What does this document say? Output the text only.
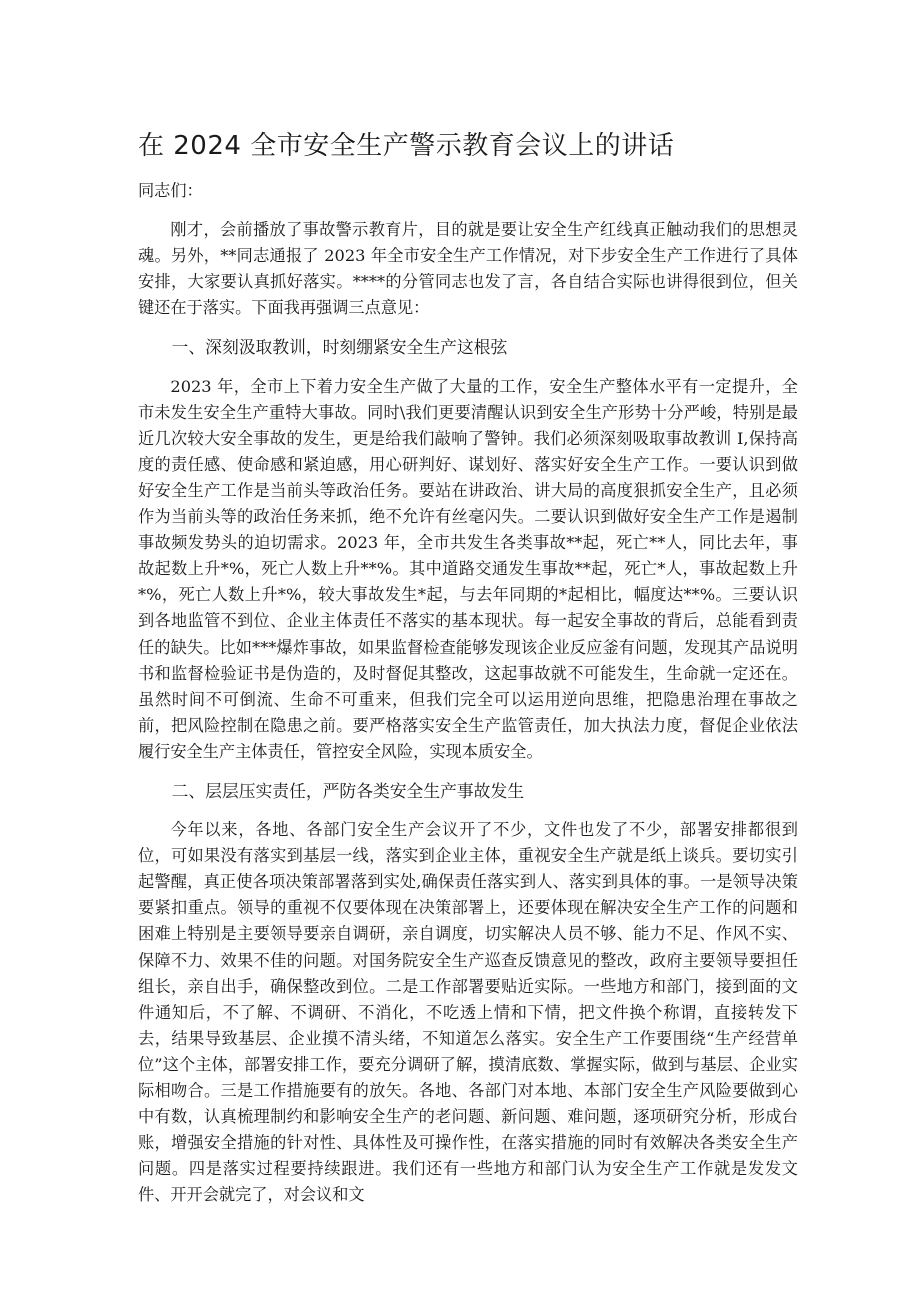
在 2024 全市安全生产警示教育会议上的讲话

同志们：

刚才，会前播放了事故警示教育片，目的就是要让安全生产红线真正触动我们的思想灵魂。另外，**同志通报了 2023 年全市安全生产工作情况，对下步安全生产工作进行了具体安排，大家要认真抓好落实。****的分管同志也发了言，各自结合实际也讲得很到位，但关键还在于落实。下面我再强调三点意见：

一、深刻汲取教训，时刻绷紧安全生产这根弦

2023 年，全市上下着力安全生产做了大量的工作，安全生产整体水平有一定提升，全市未发生安全生产重特大事故。同时\我们更要清醒认识到安全生产形势十分严峻，特别是最近几次较大安全事故的发生，更是给我们敲响了警钟。我们必须深刻吸取事故教训 I,保持高度的责任感、使命感和紧迫感，用心研判好、谋划好、落实好安全生产工作。一要认识到做好安全生产工作是当前头等政治任务。要站在讲政治、讲大局的高度狠抓安全生产，且必须作为当前头等的政治任务来抓，绝不允许有丝毫闪失。二要认识到做好安全生产工作是遏制事故频发势头的迫切需求。2023 年，全市共发生各类事故**起，死亡**人，同比去年，事故起数上升*%，死亡人数上升**%。其中道路交通发生事故**起，死亡*人，事故起数上升*%，死亡人数上升*%，较大事故发生*起，与去年同期的*起相比，幅度达**%。三要认识到各地监管不到位、企业主体责任不落实的基本现状。每一起安全事故的背后，总能看到责任的缺失。比如***爆炸事故，如果监督检查能够发现该企业反应釜有问题，发现其产品说明书和监督检验证书是伪造的，及时督促其整改，这起事故就不可能发生，生命就一定还在。虽然时间不可倒流、生命不可重来，但我们完全可以运用逆向思维，把隐患治理在事故之前，把风险控制在隐患之前。要严格落实安全生产监管责任，加大执法力度，督促企业依法履行安全生产主体责任，管控安全风险，实现本质安全。

二、层层压实责任，严防各类安全生产事故发生

今年以来，各地、各部门安全生产会议开了不少，文件也发了不少，部署安排都很到位，可如果没有落实到基层一线，落实到企业主体，重视安全生产就是纸上谈兵。要切实引起警醒，真正使各项决策部署落到实处,确保责任落实到人、落实到具体的事。一是领导决策要紧扣重点。领导的重视不仅要体现在决策部署上，还要体现在解决安全生产工作的问题和困难上特别是主要领导要亲自调研，亲自调度，切实解决人员不够、能力不足、作风不实、保障不力、效果不佳的问题。对国务院安全生产巡查反馈意见的整改，政府主要领导要担任组长，亲自出手，确保整改到位。二是工作部署要贴近实际。一些地方和部门，接到面的文件通知后，不了解、不调研、不消化，不吃透上情和下情，把文件换个称谓，直接转发下去，结果导致基层、企业摸不清头绪，不知道怎么落实。安全生产工作要围绕“生产经营单位”这个主体，部署安排工作，要充分调研了解，摸清底数、掌握实际，做到与基层、企业实际相吻合。三是工作措施要有的放矢。各地、各部门对本地、本部门安全生产风险要做到心中有数，认真梳理制约和影响安全生产的老问题、新问题、难问题，逐项研究分析，形成台账，增强安全措施的针对性、具体性及可操作性，在落实措施的同时有效解决各类安全生产问题。四是落实过程要持续跟进。我们还有一些地方和部门认为安全生产工作就是发发文件、开开会就完了，对会议和文
